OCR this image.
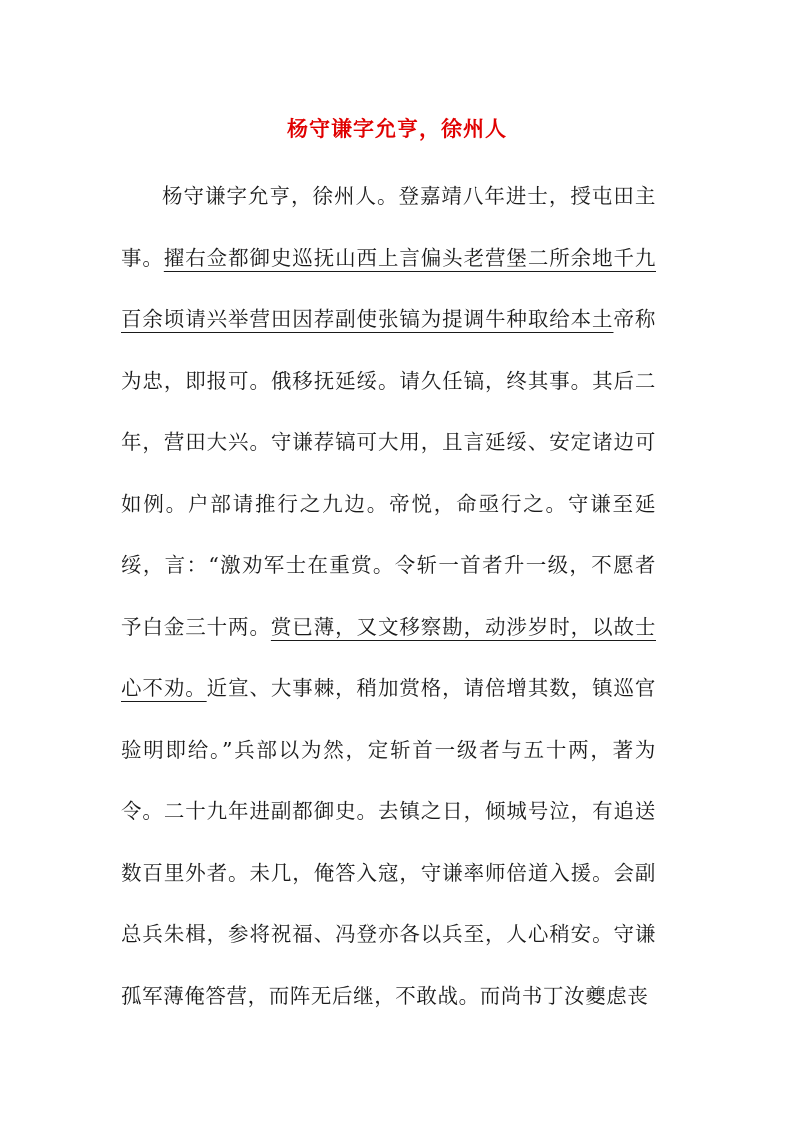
杨守谦字允亨，徐州人

杨守谦字允亨，徐州人。登嘉靖八年进士，授屯田主事。擢右佥都御史巡抚山西上言偏头老营堡二所余地千九百余顷请兴举营田因荐副使张镐为提调牛种取给本土帝称为忠，即报可。俄移抚延绥。请久任镐，终其事。其后二年，营田大兴。守谦荐镐可大用，且言延绥、安定诸边可如例。户部请推行之九边。帝悦，命亟行之。守谦至延绥，言：“激劝军士在重赏。令斩一首者升一级，不愿者予白金三十两。赏已薄，又文移察勘，动涉岁时，以故士心不劝。近宣、大事棘，稍加赏格，请倍增其数，镇巡官验明即给。”兵部以为然，定斩首一级者与五十两，著为令。二十九年进副都御史。去镇之日，倾城号泣，有追送数百里外者。未几，俺答入寇，守谦率师倍道入援。会副总兵朱楫，参将祝福、冯登亦各以兵至，人心稍安。守谦孤军薄俺答营，而阵无后继，不敢战。而尚书丁汝夔虑丧
